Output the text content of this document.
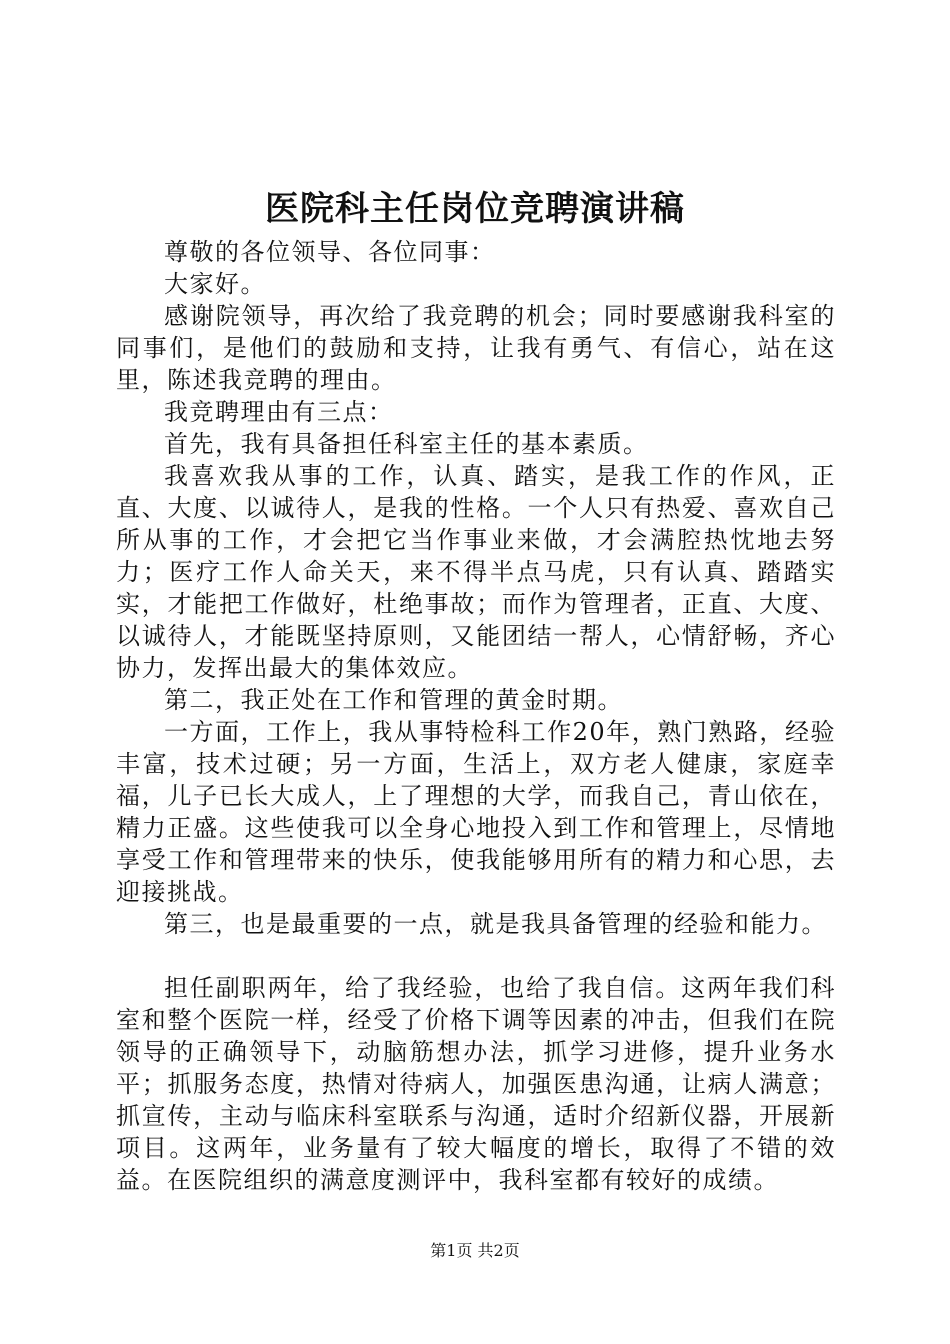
医院科主任岗位竞聘演讲稿

尊敬的各位领导、各位同事：

大家好。

感谢院领导，再次给了我竞聘的机会；同时要感谢我科室的同事们，是他们的鼓励和支持，让我有勇气、有信心，站在这里，陈述我竞聘的理由。

我竞聘理由有三点：

首先，我有具备担任科室主任的基本素质。

我喜欢我从事的工作，认真、踏实，是我工作的作风，正直、大度、以诚待人，是我的性格。一个人只有热爱、喜欢自己所从事的工作，才会把它当作事业来做，才会满腔热忱地去努力；医疗工作人命关天，来不得半点马虎，只有认真、踏踏实实，才能把工作做好，杜绝事故；而作为管理者，正直、大度、以诚待人，才能既坚持原则，又能团结一帮人，心情舒畅，齐心协力，发挥出最大的集体效应。

第二，我正处在工作和管理的黄金时期。

一方面，工作上，我从事特检科工作20年，熟门熟路，经验丰富，技术过硬；另一方面，生活上，双方老人健康，家庭幸福，儿子已长大成人，上了理想的大学，而我自己，青山依在，精力正盛。这些使我可以全身心地投入到工作和管理上，尽情地享受工作和管理带来的快乐，使我能够用所有的精力和心思，去迎接挑战。

第三，也是最重要的一点，就是我具备管理的经验和能力。

担任副职两年，给了我经验，也给了我自信。这两年我们科室和整个医院一样，经受了价格下调等因素的冲击，但我们在院领导的正确领导下，动脑筋想办法，抓学习进修，提升业务水平；抓服务态度，热情对待病人，加强医患沟通，让病人满意；抓宣传，主动与临床科室联系与沟通，适时介绍新仪器，开展新项目。这两年，业务量有了较大幅度的增长，取得了不错的效益。在医院组织的满意度测评中，我科室都有较好的成绩。

第1页 共2页
